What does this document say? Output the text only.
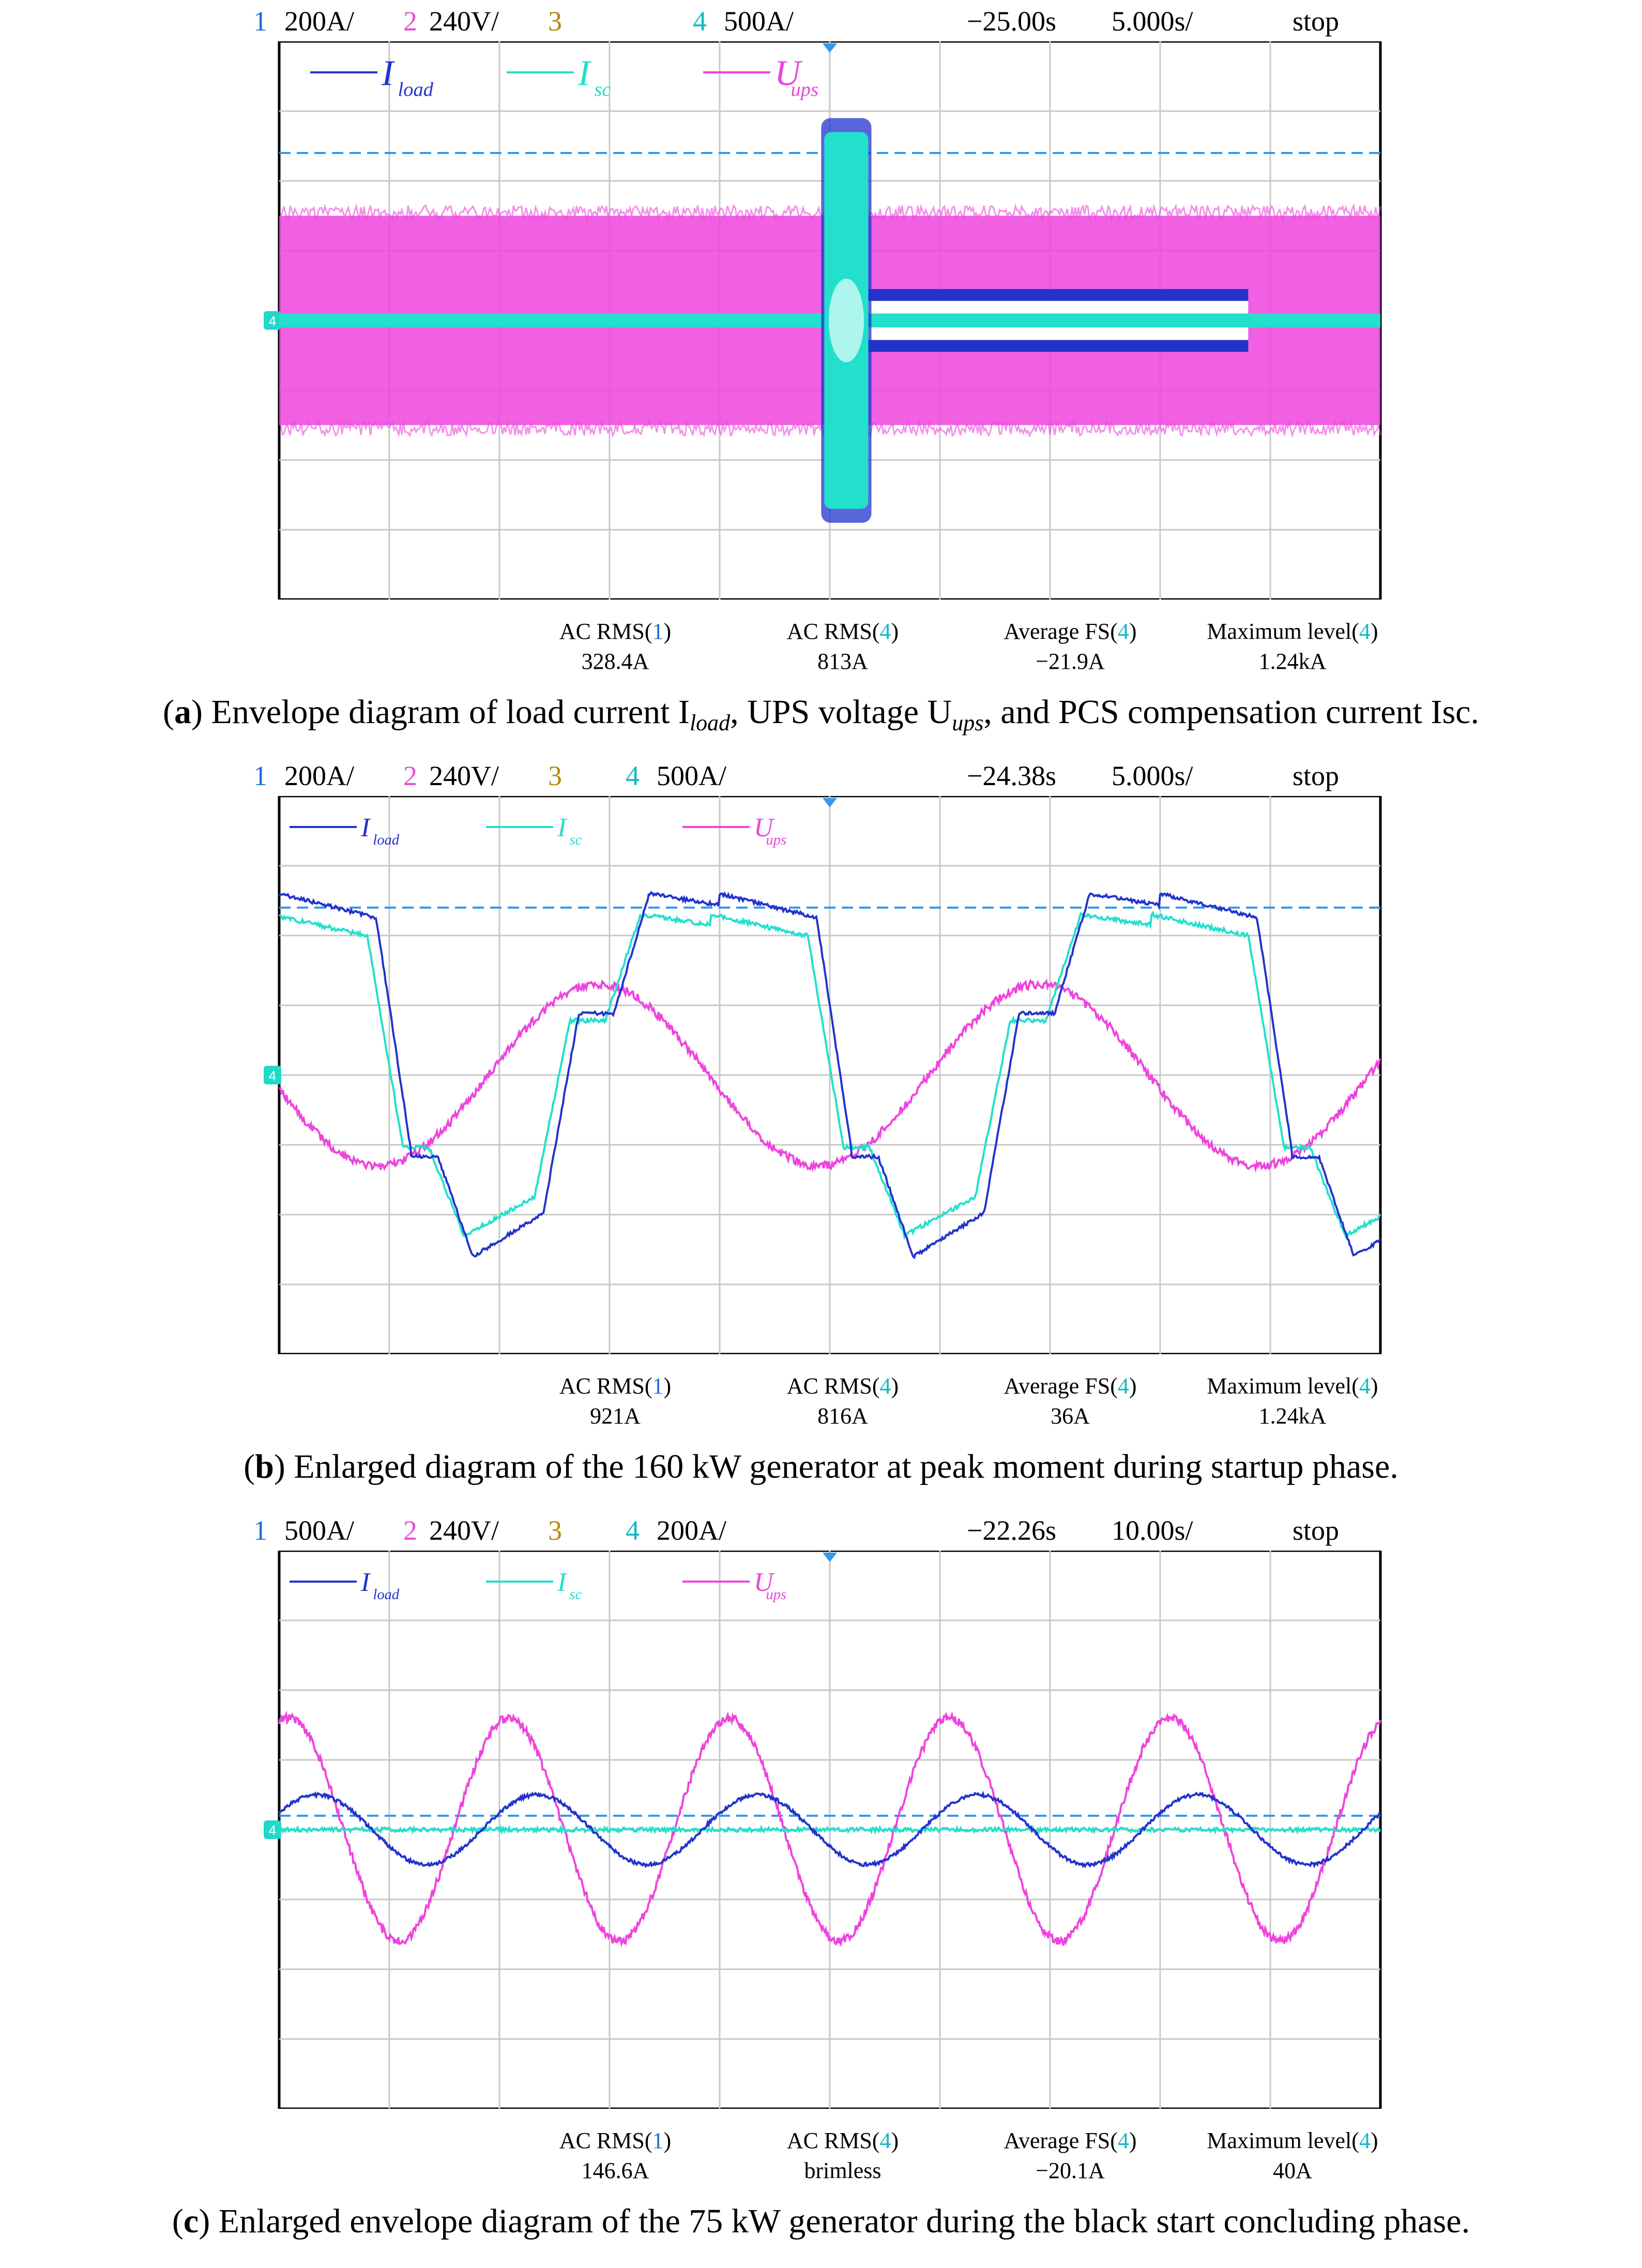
1 200A/ 2 240V/ 3	4 500A/	−25.00s 5.000s/	stop
4
I load	I sc	U
ups
AC RMS(1)
328.4A
AC RMS(4)
813A
Average FS(4)
−21.9A
Maximum level(4)
1.24kA
(a) Envelope diagram of load current $I_{load}$, UPS voltage $U_{ups}$, and PCS compensation current Isc.
1 200A/ 2 240V/ 3 4 500A/	−24.38s 5.000s/	stop
4
I load	I sc	U
ups
AC RMS(1)
921A
AC RMS(4)
816A
Average FS(4)
36A
Maximum level(4)
1.24kA
(b) Enlarged diagram of the 160 kW generator at peak moment during startup phase.
1 500A/ 2 240V/ 3 4 200A/	−22.26s 10.00s/	stop
4
I load	I sc	U
ups
AC RMS(1)
146.6A
AC RMS(4)
brimless
Average FS(4)
−20.1A
Maximum level(4)
40A
(c) Enlarged envelope diagram of the 75 kW generator during the black start concluding phase.
